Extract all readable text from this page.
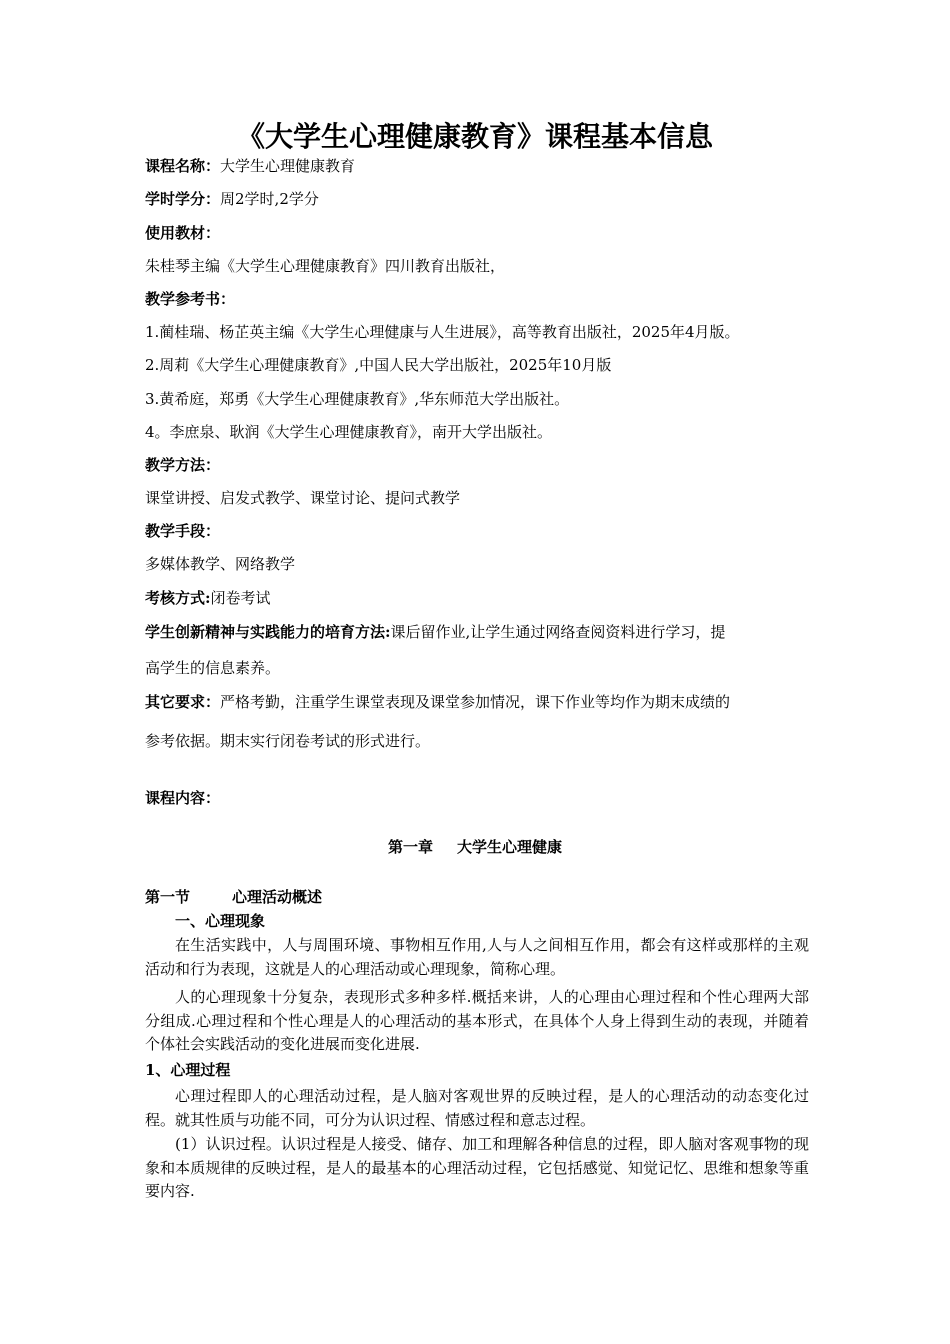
《大学生心理健康教育》课程基本信息
课程名称：大学生心理健康教育
学时学分：周2学时,2学分
使用教材：
朱桂琴主编《大学生心理健康教育》四川教育出版社，
教学参考书：
1.蔺桂瑞、杨芷英主编《大学生心理健康与人生进展》，高等教育出版社，2025年4月版。
2.周莉《大学生心理健康教育》,中国人民大学出版社，2025年10月版
3.黄希庭，郑勇《大学生心理健康教育》,华东师范大学出版社。
4。李庶泉、耿润《大学生心理健康教育》，南开大学出版社。
教学方法：
课堂讲授、启发式教学、课堂讨论、提问式教学
教学手段：
多媒体教学、网络教学
考核方式:闭卷考试
学生创新精神与实践能力的培育方法:课后留作业,让学生通过网络查阅资料进行学习，提
高学生的信息素养。
其它要求：严格考勤，注重学生课堂表现及课堂参加情况，课下作业等均作为期末成绩的
参考依据。期末实行闭卷考试的形式进行。
课程内容：
第一章 大学生心理健康
第一节	心理活动概述
一、心理现象
在生活实践中，人与周围环境、事物相互作用,人与人之间相互作用，都会有这样或那样的主观活动和行为表现，这就是人的心理活动或心理现象，简称心理。
人的心理现象十分复杂，表现形式多种多样.概括来讲，人的心理由心理过程和个性心理两大部分组成.心理过程和个性心理是人的心理活动的基本形式，在具体个人身上得到生动的表现，并随着个体社会实践活动的变化进展而变化进展.
1、心理过程
心理过程即人的心理活动过程，是人脑对客观世界的反映过程，是人的心理活动的动态变化过程。就其性质与功能不同，可分为认识过程、情感过程和意志过程。
(1）认识过程。认识过程是人接受、储存、加工和理解各种信息的过程，即人脑对客观事物的现象和本质规律的反映过程，是人的最基本的心理活动过程，它包括感觉、知觉记忆、思维和想象等重要内容.
